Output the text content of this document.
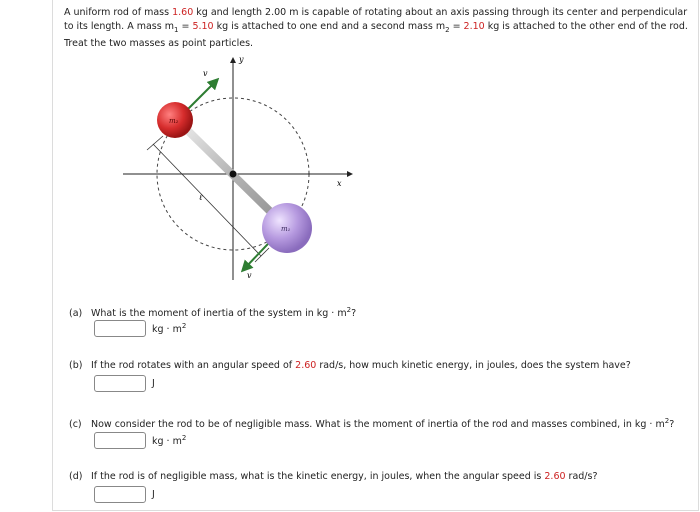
A uniform rod of mass 1.60 kg and length 2.00 m is capable of rotating about an axis passing through its center and perpendicular to its length. A mass $m_1 = 5.10$ kg is attached to one end and a second mass $m_2 = 2.10$ kg is attached to the other end of the rod. Treat the two masses as point particles.
y
x
ℓ
v
v
m₂
m₁
(a) What is the moment of inertia of the system in kg · $m^2$?
kg · $m^2$
(b) If the rod rotates with an angular speed of 2.60 rad/s, how much kinetic energy, in joules, does the system have?
J
(c) Now consider the rod to be of negligible mass. What is the moment of inertia of the rod and masses combined, in kg · $m^2$?
kg · $m^2$
(d) If the rod is of negligible mass, what is the kinetic energy, in joules, when the angular speed is 2.60 rad/s?
J
